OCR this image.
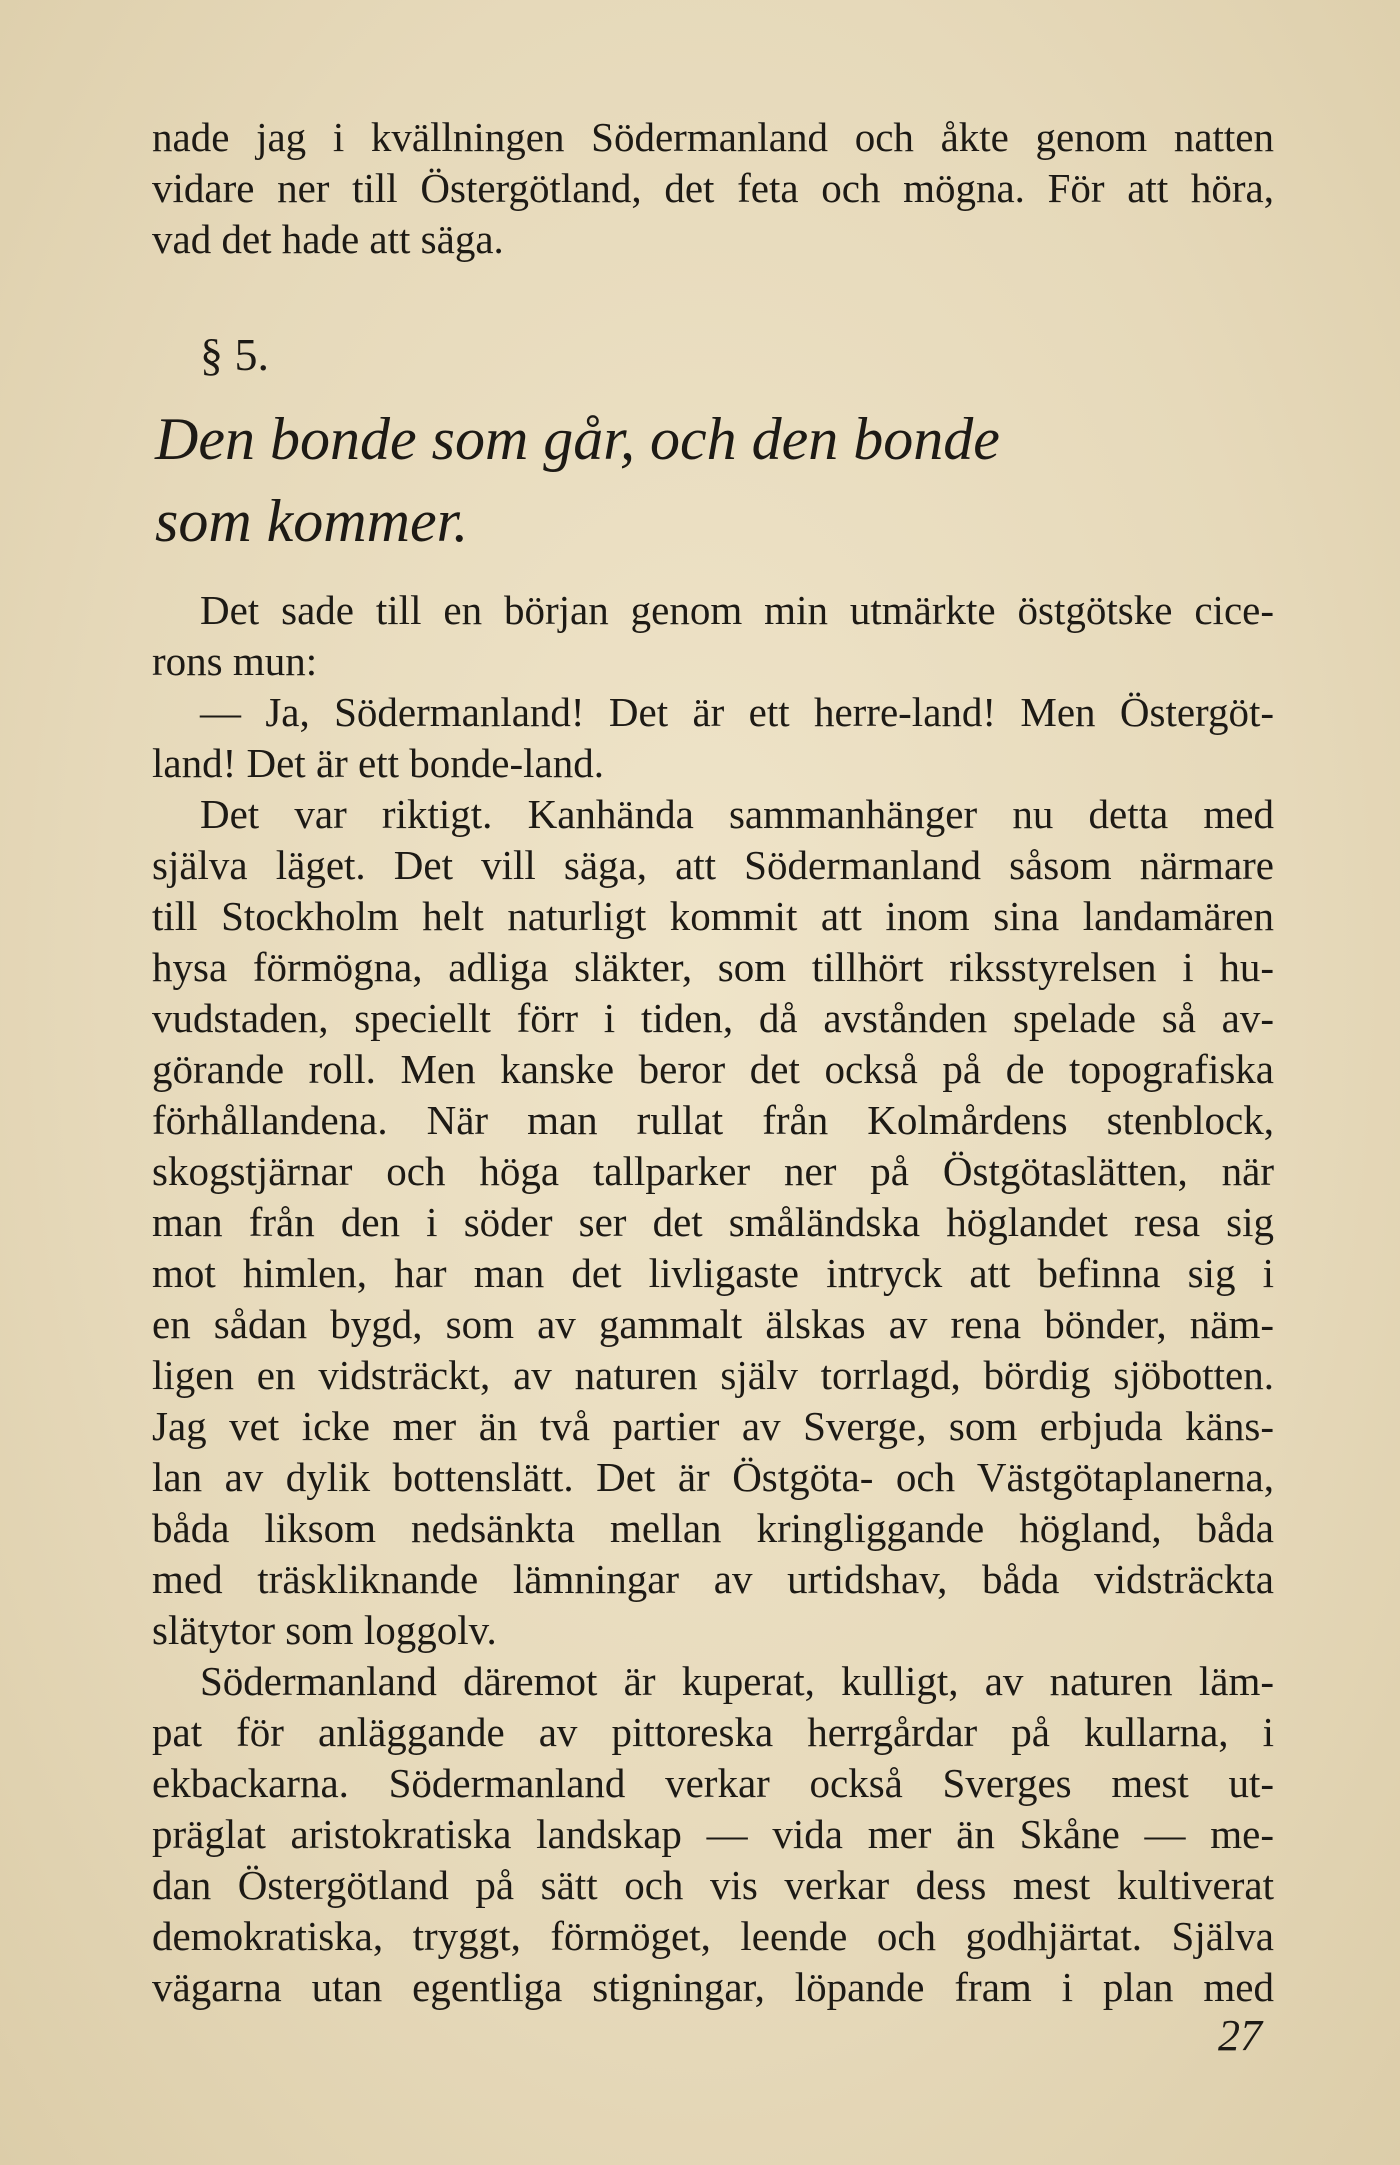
nade jag i kvällningen Södermanland och åkte genom natten
vidare ner till Östergötland, det feta och mögna. För att höra,
vad det hade att säga.
§ 5.
Den bonde som går, och den bonde
som kommer.
Det sade till en början genom min utmärkte östgötske cice-
rons mun:
— Ja, Södermanland! Det är ett herre-land! Men Östergöt-
land! Det är ett bonde-land.
Det var riktigt. Kanhända sammanhänger nu detta med
själva läget. Det vill säga, att Södermanland såsom närmare
till Stockholm helt naturligt kommit att inom sina landamären
hysa förmögna, adliga släkter, som tillhört riksstyrelsen i hu-
vudstaden, speciellt förr i tiden, då avstånden spelade så av-
görande roll. Men kanske beror det också på de topografiska
förhållandena. När man rullat från Kolmårdens stenblock,
skogstjärnar och höga tallparker ner på Östgötaslätten, när
man från den i söder ser det småländska höglandet resa sig
mot himlen, har man det livligaste intryck att befinna sig i
en sådan bygd, som av gammalt älskas av rena bönder, näm-
ligen en vidsträckt, av naturen själv torrlagd, bördig sjöbotten.
Jag vet icke mer än två partier av Sverge, som erbjuda käns-
lan av dylik bottenslätt. Det är Östgöta- och Västgötaplanerna,
båda liksom nedsänkta mellan kringliggande högland, båda
med träskliknande lämningar av urtidshav, båda vidsträckta
slätytor som loggolv.
Södermanland däremot är kuperat, kulligt, av naturen läm-
pat för anläggande av pittoreska herrgårdar på kullarna, i
ekbackarna. Södermanland verkar också Sverges mest ut-
präglat aristokratiska landskap — vida mer än Skåne — me-
dan Östergötland på sätt och vis verkar dess mest kultiverat
demokratiska, tryggt, förmöget, leende och godhjärtat. Själva
vägarna utan egentliga stigningar, löpande fram i plan med
27
